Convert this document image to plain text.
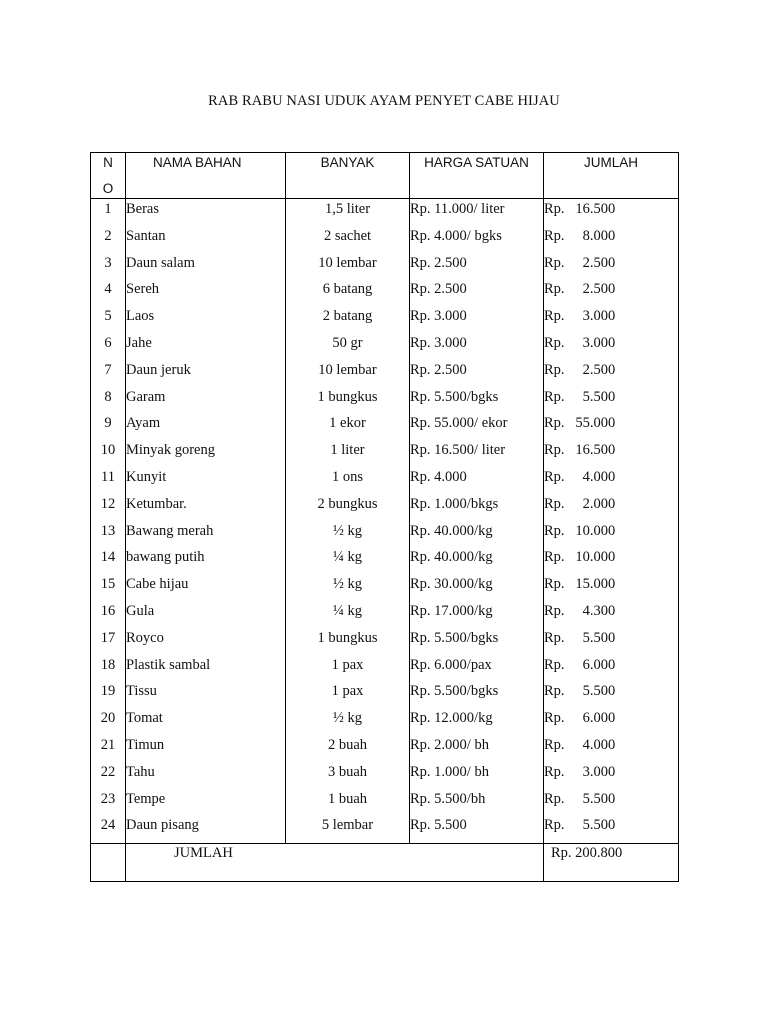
RAB RABU NASI UDUK AYAM PENYET CABE HIJAU
N
O	NAMA BAHAN	BANYAK	HARGA SATUAN	JUMLAH
1	Beras	1,5 liter	Rp. 11.000/ liter	Rp.   16.500
2	Santan	2 sachet	Rp. 4.000/ bgks	Rp.     8.000
3	Daun salam	10 lembar	Rp. 2.500	Rp.     2.500
4	Sereh	6 batang	Rp. 2.500	Rp.     2.500
5	Laos	2 batang	Rp. 3.000	Rp.     3.000
6	Jahe	50 gr	Rp. 3.000	Rp.     3.000
7	Daun jeruk	10 lembar	Rp. 2.500	Rp.     2.500
8	Garam	1 bungkus	Rp. 5.500/bgks	Rp.     5.500
9	Ayam	1 ekor	Rp. 55.000/ ekor	Rp.   55.000
10	Minyak goreng	1 liter	Rp. 16.500/ liter	Rp.   16.500
11	Kunyit	1 ons	Rp. 4.000	Rp.     4.000
12	Ketumbar.	2 bungkus	Rp. 1.000/bkgs	Rp.     2.000
13	Bawang merah	½ kg	Rp. 40.000/kg	Rp.   10.000
14	bawang putih	¼ kg	Rp. 40.000/kg	Rp.   10.000
15	Cabe hijau	½ kg	Rp. 30.000/kg	Rp.   15.000
16	Gula	¼ kg	Rp. 17.000/kg	Rp.     4.300
17	Royco	1 bungkus	Rp. 5.500/bgks	Rp.     5.500
18	Plastik sambal	1 pax	Rp. 6.000/pax	Rp.     6.000
19	Tissu	1 pax	Rp. 5.500/bgks	Rp.     5.500
20	Tomat	½ kg	Rp. 12.000/kg	Rp.     6.000
21	Timun	2 buah	Rp. 2.000/ bh	Rp.     4.000
22	Tahu	3 buah	Rp. 1.000/ bh	Rp.     3.000
23	Tempe	1 buah	Rp. 5.500/bh	Rp.     5.500
24	Daun pisang	5 lembar	Rp. 5.500	Rp.     5.500
	JUMLAH			Rp. 200.800
